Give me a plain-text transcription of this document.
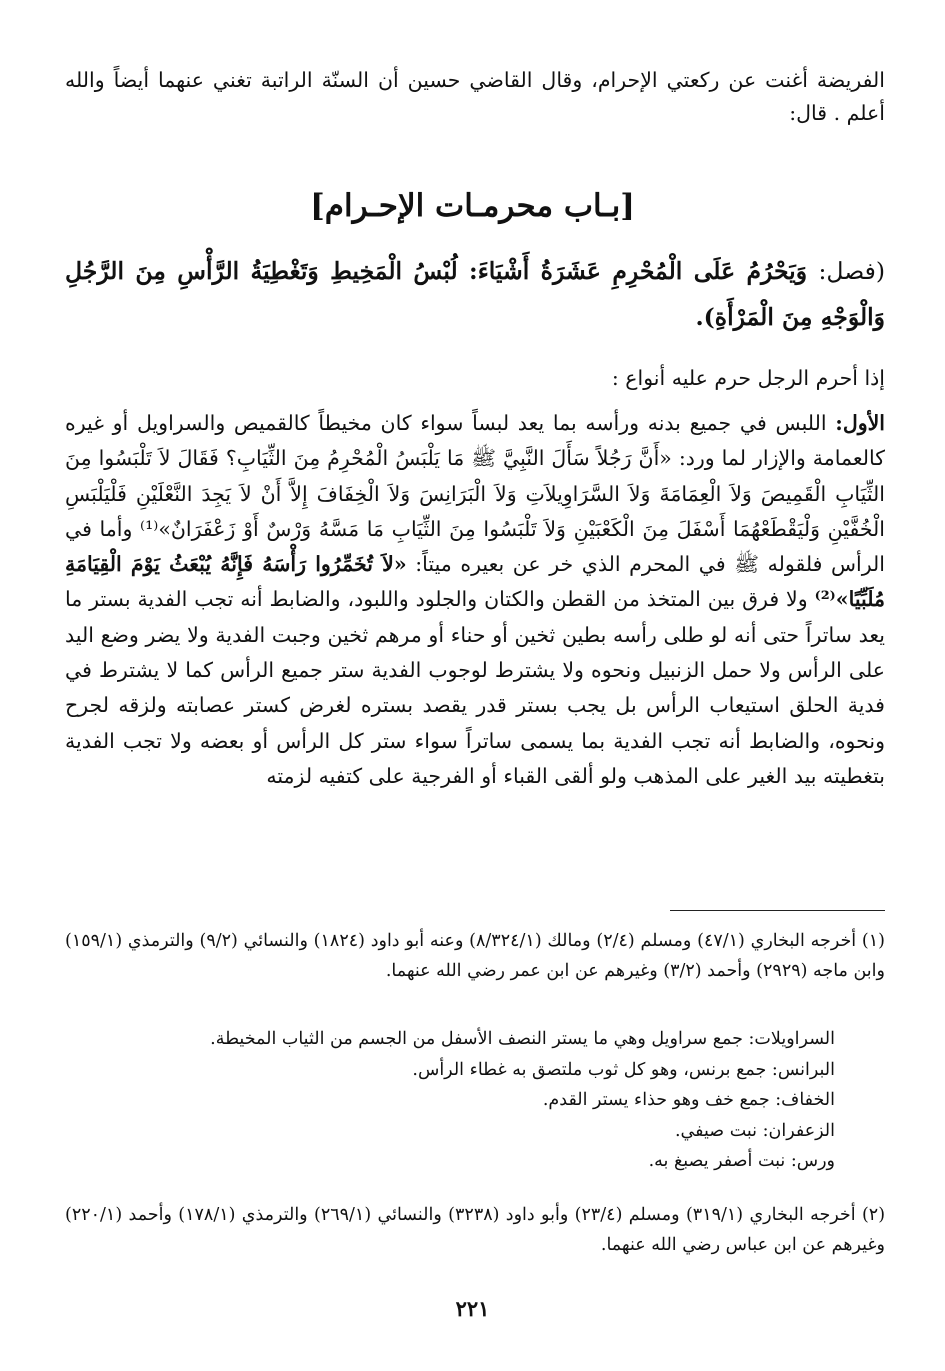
الفريضة أغنت عن ركعتي الإحرام، وقال القاضي حسين أن السنّة الراتبة تغني عنهما أيضاً والله أعلم . قال:
[بـاب محرمـات الإحـرام]
(فصل: وَيَحْرُمُ عَلَى الْمُحْرِمِ عَشَرَةُ أَشْيَاءَ: لُبْسُ الْمَخِيطِ وَتَغْطِيَةُ الرَّأْسِ مِنَ الرَّجُلِ وَالْوَجْهِ مِنَ الْمَرْأَةِ).
إذا أحرم الرجل حرم عليه أنواع :
الأول: اللبس في جميع بدنه ورأسه بما يعد لبساً سواء كان مخيطاً كالقميص والسراويل أو غيره كالعمامة والإزار لما ورد: «أَنَّ رَجُلاً سَأَلَ النَّبِيَّ ﷺ مَا يَلْبَسُ الْمُحْرِمُ مِنَ الثِّيَابِ؟ فَقَالَ لاَ تَلْبَسُوا مِنَ الثِّيَابِ الْقَمِيصَ وَلاَ الْعِمَامَةَ وَلاَ السَّرَاوِيلاَتِ وَلاَ الْبَرَانِسَ وَلاَ الْخِفَافَ إِلاَّ أَنْ لاَ يَجِدَ النَّعْلَيْنِ فَلْيَلْبَسِ الْخُفَّيْنِ وَلْيَقْطَعْهُمَا أَسْفَلَ مِنَ الْكَعْبَيْنِ وَلاَ تَلْبَسُوا مِنَ الثِّيَابِ مَا مَسَّهُ وَرْسٌ أَوْ زَعْفَرَانٌ»⁽¹⁾ وأما في الرأس فلقوله ﷺ في المحرم الذي خر عن بعيره ميتاً: «لاَ تُخَمِّرُوا رَأْسَهُ فَإِنَّهُ يُبْعَثُ يَوْمَ الْقِيَامَةِ مُلَبِّيًا»⁽²⁾ ولا فرق بين المتخذ من القطن والكتان والجلود واللبود، والضابط أنه تجب الفدية بستر ما يعد ساتراً حتى أنه لو طلى رأسه بطين ثخين أو حناء أو مرهم ثخين وجبت الفدية ولا يضر وضع اليد على الرأس ولا حمل الزنبيل ونحوه ولا يشترط لوجوب الفدية ستر جميع الرأس كما لا يشترط في فدية الحلق استيعاب الرأس بل يجب بستر قدر يقصد بستره لغرض كستر عصابته ولزقه لجرح ونحوه، والضابط أنه تجب الفدية بما يسمى ساتراً سواء ستر كل الرأس أو بعضه ولا تجب الفدية بتغطيته بيد الغير على المذهب ولو ألقى القباء أو الفرجية على كتفيه لزمته
(١) أخرجه البخاري (٤٧/١) ومسلم (٢/٤) ومالك (٨/٣٢٤/١) وعنه أبو داود (١٨٢٤) والنسائي (٩/٢) والترمذي (١٥٩/١) وابن ماجه (٢٩٢٩) وأحمد (٣/٢) وغيرهم عن ابن عمر رضي الله عنهما.
السراويلات: جمع سراويل وهي ما يستر النصف الأسفل من الجسم من الثياب المخيطة.
البرانس: جمع برنس، وهو كل ثوب ملتصق به غطاء الرأس.
الخفاف: جمع خف وهو حذاء يستر القدم.
الزعفران: نبت صيفي.
ورس: نبت أصفر يصبغ به.
(٢) أخرجه البخاري (٣١٩/١) ومسلم (٢٣/٤) وأبو داود (٣٢٣٨) والنسائي (٢٦٩/١) والترمذي (١٧٨/١) وأحمد (٢٢٠/١) وغيرهم عن ابن عباس رضي الله عنهما.
٢٢١
